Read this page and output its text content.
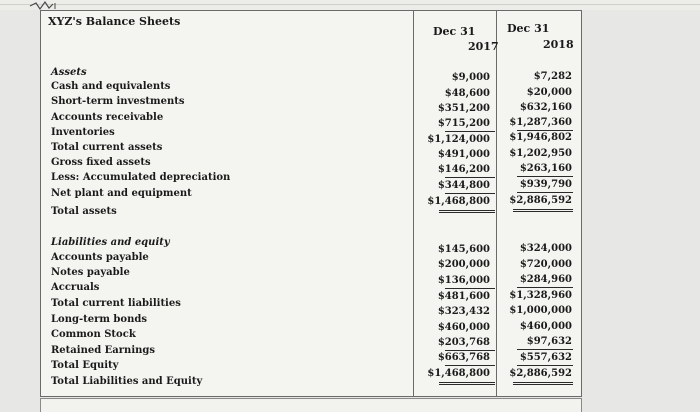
XYZ's Balance Sheets
Dec 31
2017
Dec 31
2018
Assets
Cash and equivalents
$9,000	$7,282
Short-term investments
$48,600	$20,000
Accounts receivable
$351,200	$632,160
Inventories
$715,200 $1,287,360
Total current assets
$1,124,000 $1,946,802
Gross fixed assets
$491,000 $1,202,950
Less: Accumulated depreciation
$146,200	$263,160
Net plant and equipment
$344,800	$939,790
Total assets
$1,468,800 $2,886,592
Liabilities and equity
Accounts payable
$145,600	$324,000
Notes payable
$200,000	$720,000
Accruals
$136,000	$284,960
Total current liabilities
$481,600 $1,328,960
Long-term bonds
$323,432 $1,000,000
Common Stock
$460,000	$460,000
Retained Earnings
$203,768	$97,632
Total Equity
$663,768	$557,632
Total Liabilities and Equity
$1,468,800 $2,886,592
